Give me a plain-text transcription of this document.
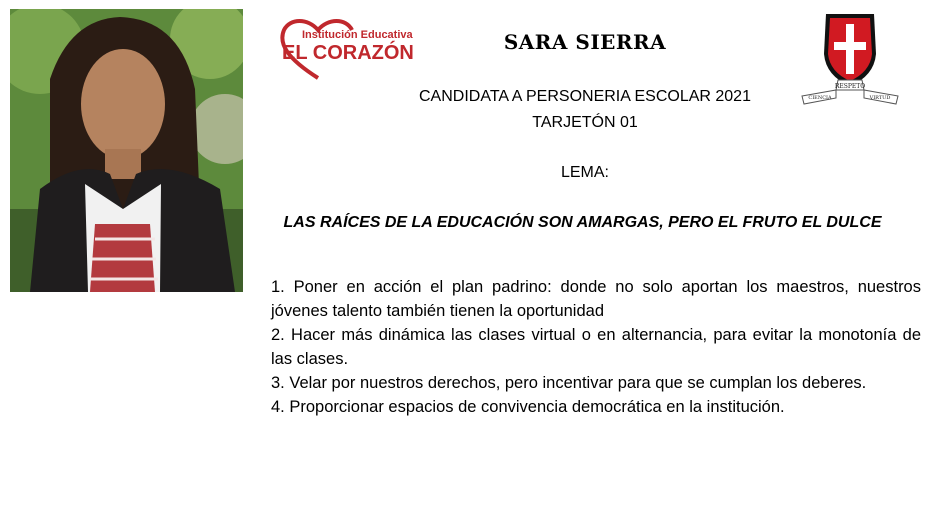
Institución Educativa
EL CORAZÓN
RESPETO
CIENCIA	VIRTUD
SARA SIERRA
CANDIDATA A PERSONERIA ESCOLAR 2021
TARJETÓN 01
LEMA:
LAS RAÍCES DE LA EDUCACIÓN SON AMARGAS, PERO EL FRUTO EL DULCE

1. Poner en acción el plan padrino: donde no solo aportan los maestros, nuestros jóvenes talento también tienen la oportunidad

2. Hacer más dinámica las clases virtual o en alternancia, para evitar la monotonía de las clases.

3. Velar por nuestros derechos, pero incentivar para que se cumplan los deberes.

4. Proporcionar espacios de convivencia democrática en la institución.
